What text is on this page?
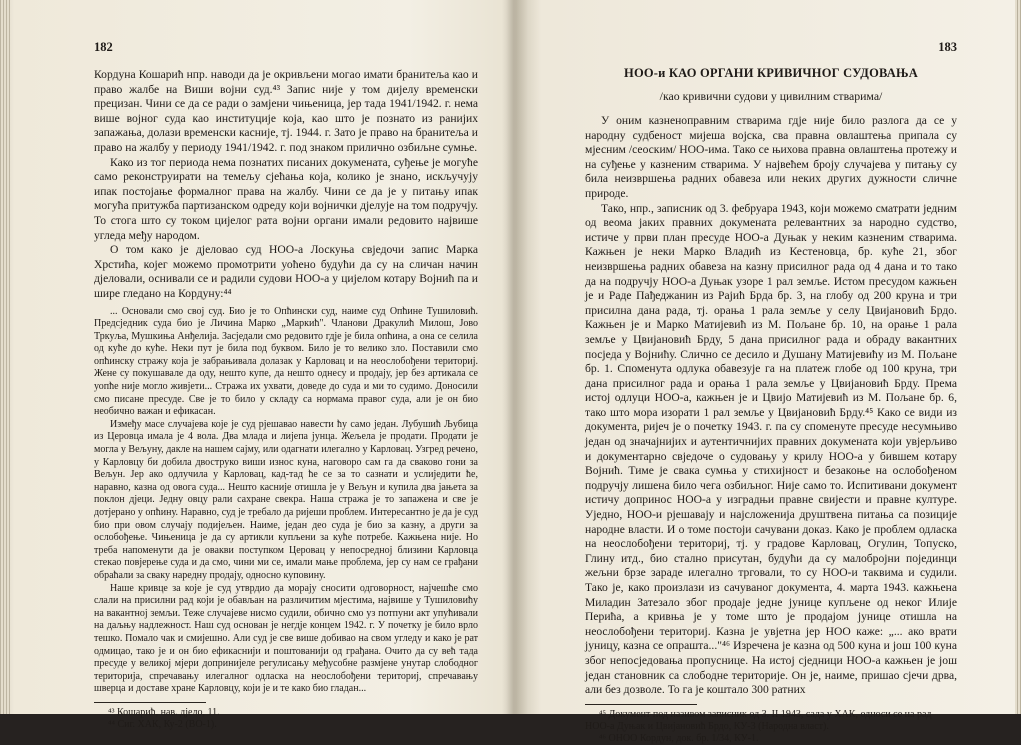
182

Кордуна Кошарић нпр. наводи да је окривљени могао имати бранитеља као и право жалбе на Виши војни суд.⁴³ Запис није у том дијелу временски прецизан. Чини се да се ради о замјени чињеница, јер тада 1941/1942. г. нема више војног суда као институције која, као што је познато из ранијих запажања, долази временски касније, тј. 1944. г. Зато је право на бранитеља и право на жалбу у периоду 1941/1942. г. под знаком прилично озбиљне сумње.

Како из тог периода нема познатих писаних докумената, суђење је могуће само реконструирати на темељу сјећања која, колико је знано, искључују ипак постојање формалног права на жалбу. Чини се да је у питању ипак могућа притужба партизанском одреду који војнички дјелује на том подручју. То стога што су током цијелог рата војни органи имали редовито највише угледа међу народом.

О том како је дјеловао суд НОО-а Лоскуња свједочи запис Марка Хрстића, којег можемо промотрити уоћено будући да су на сличан начин дјеловали, оснивали се и радили судови НОО-а у цијелом котару Војнић па и шире гледано на Кордуну:⁴⁴

... Основали смо свој суд. Био је то Опћински суд, наиме суд Опћине Тушиловић. Предсједник суда био је Личина Марко „Маркић". Чланови Дракулић Милош, Јово Тркуља, Мушкиња Анђелија. Засједали смо редовито гдје је била опћина, а она се селила од куће до куће. Неки пут је била под буквом. Било је то велико зло. Поставили смо опћинску стражу која је забрањивала долазак у Карловац и на неослобођени териториј. Жене су покушавале да оду, нешто купе, да нешто однесу и продају, јер без артикала се уопће није могло живјети... Стража их ухвати, доведе до суда и ми то судимо. Доносили смо писане пресуде. Све је то било у складу са нормама правог суда, али је он био необично важан и ефикасан.

Између масе случајева које је суд рјешавао навести ћу само један. Лубушић Љубица из Церовца имала је 4 вола. Два млада и лијепа јунца. Жељела је продати. Продати је могла у Вељуну, дакле на нашем сајму, или одагнати илегално у Карловац. Узгред речено, у Карловцу би добила двоструко виши износ куна, наговоро сам га да сваково гони за Вељун. Јер ако одлучила у Карловац, кад-тад ће се за то сазнати и услиједити ће, наравно, казна од овога суда... Нешто касније отишла је у Вељун и купила два јањета за поклон дјеци. Једну овцу рали сахране свекра. Наша стража је то запажена и све је дотјерано у опћину. Наравно, суд је требало да ријеши проблем. Интересантно је да је суд био при овом случају подијељен. Наиме, један део суда је био за казну, а други за ослобођење. Чињеница је да су артикли купљени за куће потребе. Кажњена није. Но требa напоменути да је овакви поступком Церовац у непосредној близини Карловца стекао повјерење суда и да смо, чини ми се, имали мање проблема, јер су нам се грађани обраћали за сваку наредну продају, односно куповину.

Наше кривце за које је суд утврдио да морају сносити одговорност, најчешће смо слали на присилни рад који је обављан на различитим мјестима, највише у Тушиловићу на вакантној земљи. Теже случајеве нисмо судили, обично смо уз потпуни акт упућивали на даљњу надлежност. Наш суд основан је негдје концем 1942. г. У почетку је било врло тешко. Помало чак и смијешно. Али суд је све више добивао на свом угледу и како је рат одмицао, тако је и он био ефикаснији и поштованији од грађана. Очито да су већ тада пресуде у великој мјери допринијеле регулисању међусобне размјене унутар слободног територија, спречавању илегалног одласка на неослобођени териториј, спречавању шверца и доставе хране Карловцу, који је и те како био гладан...

⁴³ Кошарић, нав. дјело, 11.

⁴⁴ Сиг. ХАК, Ку-2 (ВО-1).

183
НОО-и КАО ОРГАНИ КРИВИЧНОГ СУДОВАЊА
/као кривични судови у цивилним стварима/

У оним казненоправним стварима гдје није било разлога да се у народну судбеност мијеша војска, сва правна овлаштења припала су мјесним /сеоским/ НОО-има. Тако се њихова правна овлаштења протежу и на суђење у казненим стварима. У највећем броју случајева у питању су била неизвршења радних обавеза или неких других дужности сличне природе.

Тако, нпр., записник од 3. фебруара 1943, који можемо сматрати једним од веома јаких правних докумената релевантних за народно судство, истиче у први план пресуде НОО-а Дуњак у неким казненим стварима. Кажњен је неки Марко Владић из Кестеновца, бр. куће 21, због неизвршења радних обавеза на казну присилног рада од 4 дана и то тако да на подручју НОО-а Дуњак узоре 1 рал земље. Истом пресудом кажњен је и Раде Пађеджанин из Рајић Брда бр. 3, на глобу од 200 круна и три присилна дана рада, тј. орања 1 рала земље у селу Цвијановић Брдо. Кажњен је и Марко Матијевић из М. Пољане бр. 10, на орање 1 рала земље у Цвијановић Брду, 5 дана присилног рада и обраду вакантних посједа у Војнићу. Слично се десило и Душану Матијевићу из М. Пољане бр. 1. Споменута одлука обавезује га на платеж глобе од 100 круна, три дана присилног рада и орања 1 рала земље у Цвијановић Брду. Према истој одлуци НОО-а, кажњен је и Цвијо Матијевић из М. Пољане бр. 6, тако што мора изорати 1 рал земље у Цвијановић Брду.⁴⁵ Како се види из документа, ријеч је о почетку 1943. г. па су споменуте пресуде несумњиво један од значајнијих и аутентичнијих правних докумената који увјерљиво и документарно свједоче о судовању у крилу НОО-а у бившем котару Војнић. Тиме је свака сумња у стихијност и безакоње на ослобођеном подручју лишена било чега озбиљног. Није само то. Испитивани документ истичу допринос НОО-а у изградњи правне свијести и правне културе. Уједно, НОО-и рјешавају и најсложенија друштвена питања са позиције народне власти. И о томе постоји сачувани доказ. Како је проблем одласка на неослобођени териториј, тј. у градове Карловац, Огулин, Топуско, Глину итд., био стално присутан, будући да су малобројни појединци жељни брзе зараде илегално трговали, то су НОО-и таквима и судили. Тако је, како произлази из сачуваног документа, 4. марта 1943. кажњена Миладин Затезало због продаје једне јунице купљене од неког Илије Перића, а кривња је у томе што је продајом јунице отишла на неослобођени териториј. Казна је увјетна јер НОО каже: „... ако врати јуницу, казна се опрашта..."⁴⁶ Изречена је казна од 500 куна и још 100 куна због непосједовања пропуснице. На истој сједници НОО-а кажњен је још један становник са слободне територије. Он је, наиме, пришао сјечи дрва, али без дозволе. То га је коштало 300 ратних

⁴⁵ Документ под називом записник од 3. II 1943, сада у ХАК, односи се на рад НОО-а Дуњак и Цвијановић Брдо, КУ-3 (Народна власт).

⁴⁶ ОНОО Кордун, док. бр. 1/34, КУ-1.
